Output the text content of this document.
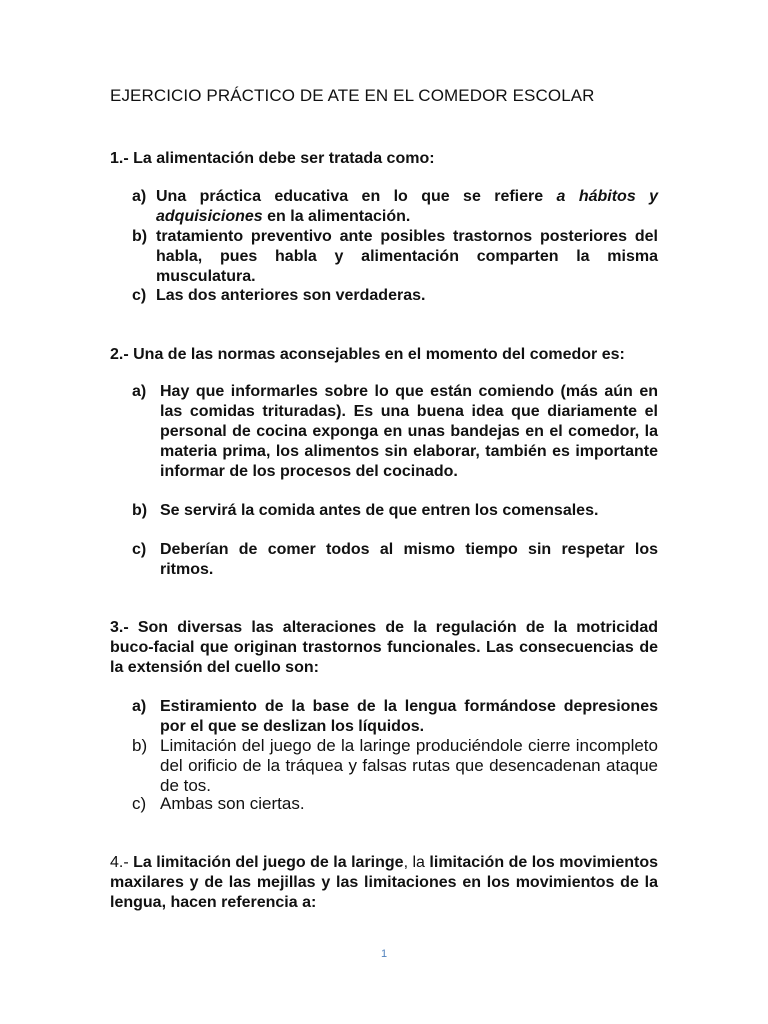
EJERCICIO PRÁCTICO DE ATE EN EL COMEDOR ESCOLAR
1.- La alimentación debe ser tratada como:
a) Una práctica educativa en lo que se refiere a hábitos y adquisiciones en la alimentación.
b) tratamiento preventivo ante posibles trastornos posteriores del habla, pues habla y alimentación comparten la misma musculatura.
c) Las dos anteriores son verdaderas.
2.- Una de las normas aconsejables en el momento del comedor es:
a) Hay que informarles sobre lo que están comiendo (más aún en las comidas trituradas). Es una buena idea que diariamente el personal de cocina exponga en unas bandejas en el comedor, la materia prima, los alimentos sin elaborar, también es importante informar de los procesos del cocinado.
b) Se servirá la comida antes de que entren los comensales.
c) Deberían de comer todos al mismo tiempo sin respetar los ritmos.
3.- Son diversas las alteraciones de la regulación de la motricidad buco-facial que originan trastornos funcionales. Las consecuencias de la extensión del cuello son:
a) Estiramiento de la base de la lengua formándose depresiones por el que se deslizan los líquidos.
b) Limitación del juego de la laringe produciéndole cierre incompleto del orificio de la tráquea y falsas rutas que desencadenan ataque de tos.
c) Ambas son ciertas.
4.- La limitación del juego de la laringe, la limitación de los movimientos maxilares y de las mejillas y las limitaciones en los movimientos de la lengua, hacen referencia a:
1
